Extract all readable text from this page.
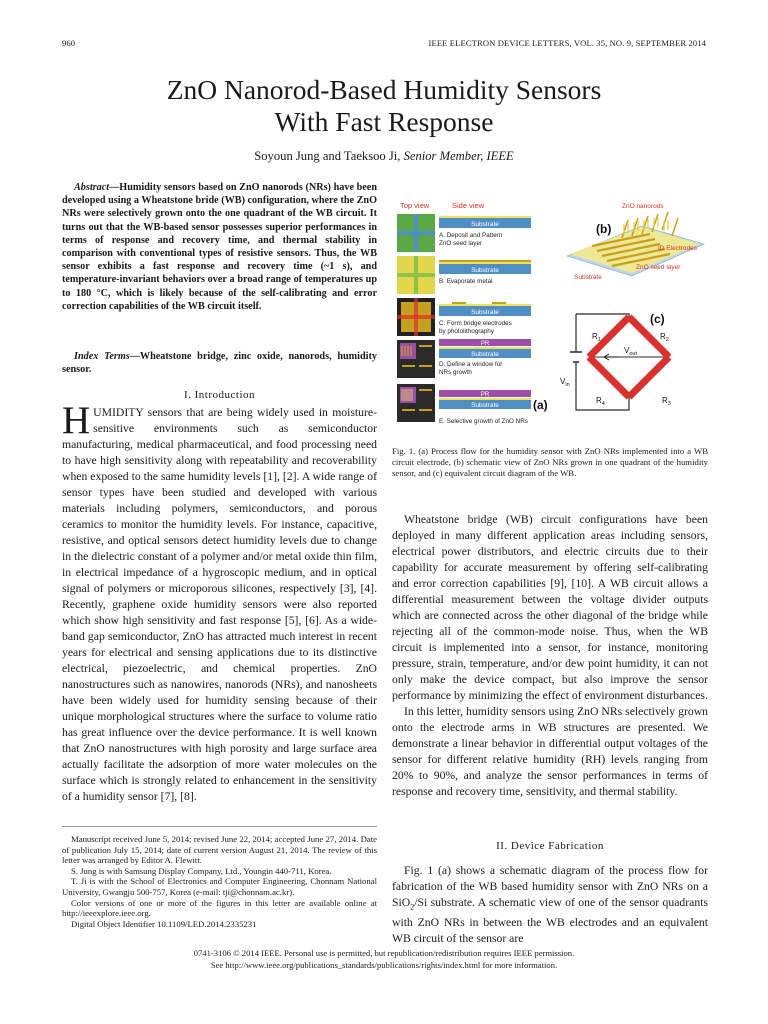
960	IEEE ELECTRON DEVICE LETTERS, VOL. 35, NO. 9, SEPTEMBER 2014
ZnO Nanorod-Based Humidity Sensors
With Fast Response
Soyoun Jung and Taeksoo Ji, Senior Member, IEEE
Abstract—Humidity sensors based on ZnO nanorods (NRs) have been developed using a Wheatstone bride (WB) configuration, where the ZnO NRs were selectively grown onto the one quadrant of the WB circuit. It turns out that the WB-based sensor possesses superior performances in terms of response and recovery time, and thermal stability in comparison with conventional types of resistive sensors. Thus, the WB sensor exhibits a fast response and recovery time (~1 s), and temperature-invariant behaviors over a broad range of temperatures up to 180 °C, which is likely because of the self-calibrating and error correction capabilities of the WB circuit itself.
Index Terms—Wheatstone bridge, zinc oxide, nanorods, humidity sensor.
I. Introduction
HUMIDITY sensors that are being widely used in moisture-sensitive environments such as semiconductor manufacturing, medical pharmaceutical, and food processing need to have high sensitivity along with repeatability and recoverability when exposed to the same humidity levels [1], [2]. A wide range of sensor types have been studied and developed with various materials including polymers, semiconductors, and porous ceramics to monitor the humidity levels. For instance, capacitive, resistive, and optical sensors detect humidity levels due to change in the dielectric constant of a polymer and/or metal oxide thin film, in electrical impedance of a hygroscopic medium, and in optical signal of polymers or microporous silicones, respectively [3], [4]. Recently, graphene oxide humidity sensors were also reported which show high sensitivity and fast response [5], [6]. As a wide-band gap semiconductor, ZnO has attracted much interest in recent years for electrical and sensing applications due to its distinctive electrical, piezoelectric, and chemical properties. ZnO nanostructures such as nanowires, nanorods (NRs), and nanosheets have been widely used for humidity sensing because of their unique morphological structures where the surface to volume ratio has great influence over the device performance. It is well known that ZnO nanostructures with high porosity and large surface area actually facilitate the adsorption of more water molecules on the surface which is strongly related to enhancement in the sensitivity of a humidity sensor [7], [8].

Manuscript received June 5, 2014; revised June 22, 2014; accepted June 27, 2014. Date of publication July 15, 2014; date of current version August 21, 2014. The review of this letter was arranged by Editor A. Flewitt.

S. Jung is with Samsung Display Company, Ltd., Youngin 440-711, Korea.

T. Ji is with the School of Electronics and Computer Engineering, Chonnam National University, Gwangju 500-757, Korea (e-mail: tji@chonnam.ac.kr).

Color versions of one or more of the figures in this letter are available online at http://ieeexplore.ieee.org.

Digital Object Identifier 10.1109/LED.2014.2335231

Top view	Side view
Substrate
A. Deposit and Pattern
ZnO seed layer
Substrate
B. Evaporate metal
Substrate
C. Form bridge electrodes
by photolithography
Substrate
PR
D. Define a window for
NRs growth
Substrate
PR
E. Selective growth of ZnO NRs
(a)
ZnO nanorods
ID Electrodes
ZnO seed layer
Substrate
(b)
$R_1$	$R_2$
$R_3$
$R_4$
$V_{out}$
$V_{in}$
(c)
Fig. 1. (a) Process flow for the humidity sensor with ZnO NRs implemented into a WB circuit electrode, (b) schematic view of ZnO NRs grown in one quadrant of the humidity sensor, and (c) equivalent circuit diagram of the WB.

Wheatstone bridge (WB) circuit configurations have been deployed in many different application areas including sensors, electrical power distributors, and electric circuits due to their capability for accurate measurement by offering self-calibrating and error correction capabilities [9], [10]. A WB circuit allows a differential measurement between the voltage divider outputs which are connected across the other diagonal of the bridge while rejecting all of the common-mode noise. Thus, when the WB circuit is implemented into a sensor, for instance, monitoring pressure, strain, temperature, and/or dew point humidity, it can not only make the device compact, but also improve the sensor performance by minimizing the effect of environment disturbances.

In this letter, humidity sensors using ZnO NRs selectively grown onto the electrode arms in WB structures are presented. We demonstrate a linear behavior in differential output voltages of the sensor for different relative humidity (RH) levels ranging from 20% to 90%, and analyze the sensor performances in terms of response and recovery time, sensitivity, and thermal stability.

II. Device Fabrication

Fig. 1 (a) shows a schematic diagram of the process flow for fabrication of the WB based humidity sensor with ZnO NRs on a SiO$_2$/Si substrate. A schematic view of one of the sensor quadrants with ZnO NRs in between the WB electrodes and an equivalent WB circuit of the sensor are

0741-3106 © 2014 IEEE. Personal use is permitted, but republication/redistribution requires IEEE permission.
See http://www.ieee.org/publications_standards/publications/rights/index.html for more information.
